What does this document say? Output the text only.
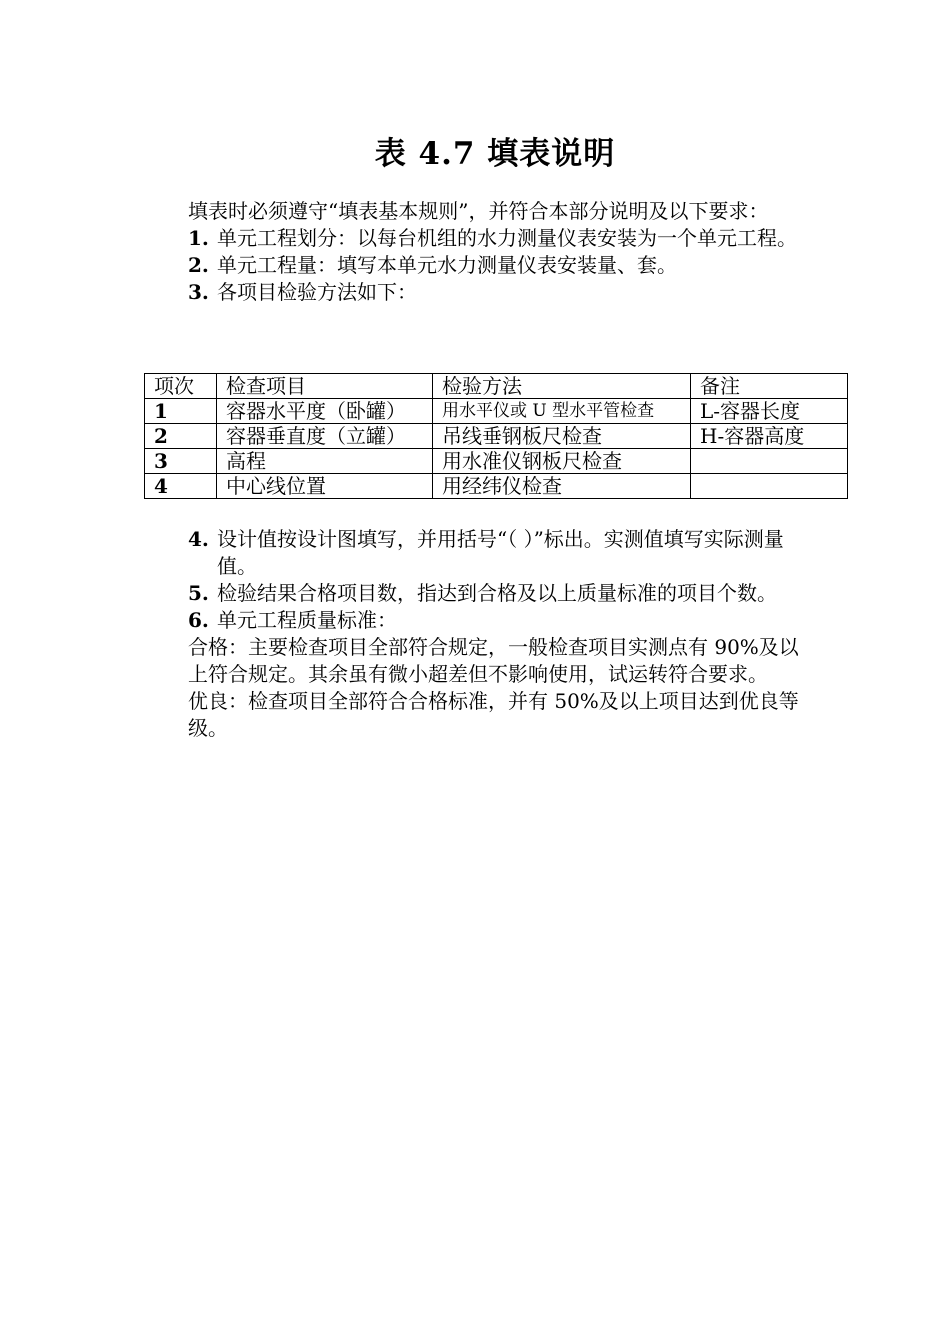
表 4.7 填表说明

填表时必须遵守“填表基本规则”，并符合本部分说明及以下要求：

1. 单元工程划分：以每台机组的水力测量仪表安装为一个单元工程。
2. 单元工程量：填写本单元水力测量仪表安装量、套。
3. 各项目检验方法如下：
项次	检查项目	检验方法	备注
1	容器水平度（卧罐）	用水平仪或 U 型水平管检查	L-容器长度
2	容器垂直度（立罐）	吊线垂钢板尺检查	H-容器高度
3	高程	用水准仪钢板尺检查	
4	中心线位置	用经纬仪检查	
4. 设计值按设计图填写，并用括号“（ ）”标出。实测值填写实际测量值。
5. 检验结果合格项目数，指达到合格及以上质量标准的项目个数。
6. 单元工程质量标准：

合格：主要检查项目全部符合规定，一般检查项目实测点有 90%及以上符合规定。其余虽有微小超差但不影响使用，试运转符合要求。

优良：检查项目全部符合合格标准，并有 50%及以上项目达到优良等级。
